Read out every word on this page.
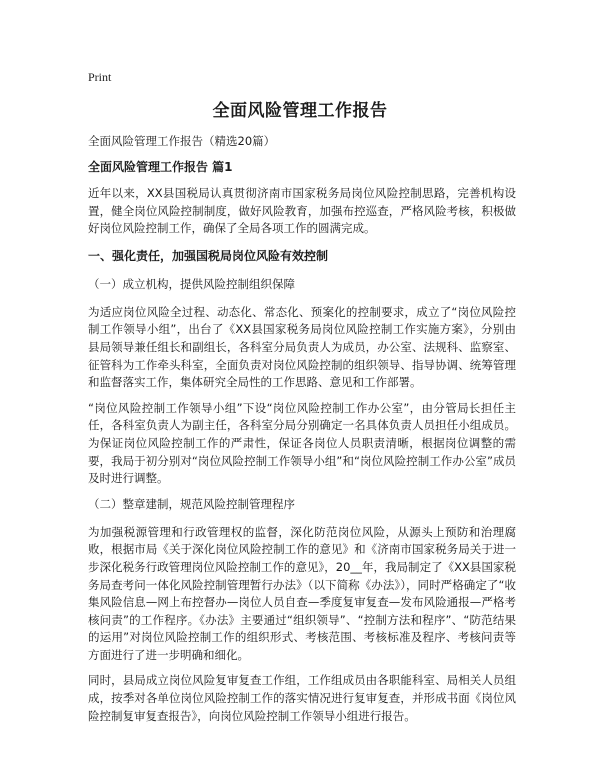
Print
全面风险管理工作报告

全面风险管理工作报告（精选20篇）

全面风险管理工作报告 篇1

近年以来，XX县国税局认真贯彻济南市国家税务局岗位风险控制思路，完善机构设置，健全岗位风险控制制度，做好风险教育，加强布控巡查，严格风险考核，积极做好岗位风险控制工作，确保了全局各项工作的圆满完成。

一、强化责任，加强国税局岗位风险有效控制

（一）成立机构，提供风险控制组织保障

为适应岗位风险全过程、动态化、常态化、预案化的控制要求，成立了“岗位风险控制工作领导小组”，出台了《XX县国家税务局岗位风险控制工作实施方案》，分别由县局领导兼任组长和副组长，各科室分局负责人为成员，办公室、法规科、监察室、征管科为工作牵头科室，全面负责对岗位风险控制的组织领导、指导协调、统筹管理和监督落实工作，集体研究全局性的工作思路、意见和工作部署。

“岗位风险控制工作领导小组”下设“岗位风险控制工作办公室”，由分管局长担任主任，各科室负责人为副主任，各科室分局分别确定一名具体负责人员担任小组成员。为保证岗位风险控制工作的严肃性，保证各岗位人员职责清晰，根据岗位调整的需要，我局于初分别对“岗位风险控制工作领导小组”和“岗位风险控制工作办公室”成员及时进行调整。

（二）整章建制，规范风险控制管理程序

为加强税源管理和行政管理权的监督，深化防范岗位风险，从源头上预防和治理腐败，根据市局《关于深化岗位风险控制工作的意见》和《济南市国家税务局关于进一步深化税务行政管理岗位风险控制工作的意见》，20__年，我局制定了《XX县国家税务局查考问一体化风险控制管理暂行办法》（以下简称《办法》），同时严格确定了“收集风险信息—网上布控督办—岗位人员自查—季度复审复查—发布风险通报—严格考核问责”的工作程序。《办法》主要通过“组织领导”、“控制方法和程序”、“防范结果的运用”对岗位风险控制工作的组织形式、考核范围、考核标准及程序、考核问责等方面进行了进一步明确和细化。

同时，县局成立岗位风险复审复查工作组，工作组成员由各职能科室、局相关人员组成，按季对各单位岗位风险控制工作的落实情况进行复审复查，并形成书面《岗位风险控制复审复查报告》，向岗位风险控制工作领导小组进行报告。
